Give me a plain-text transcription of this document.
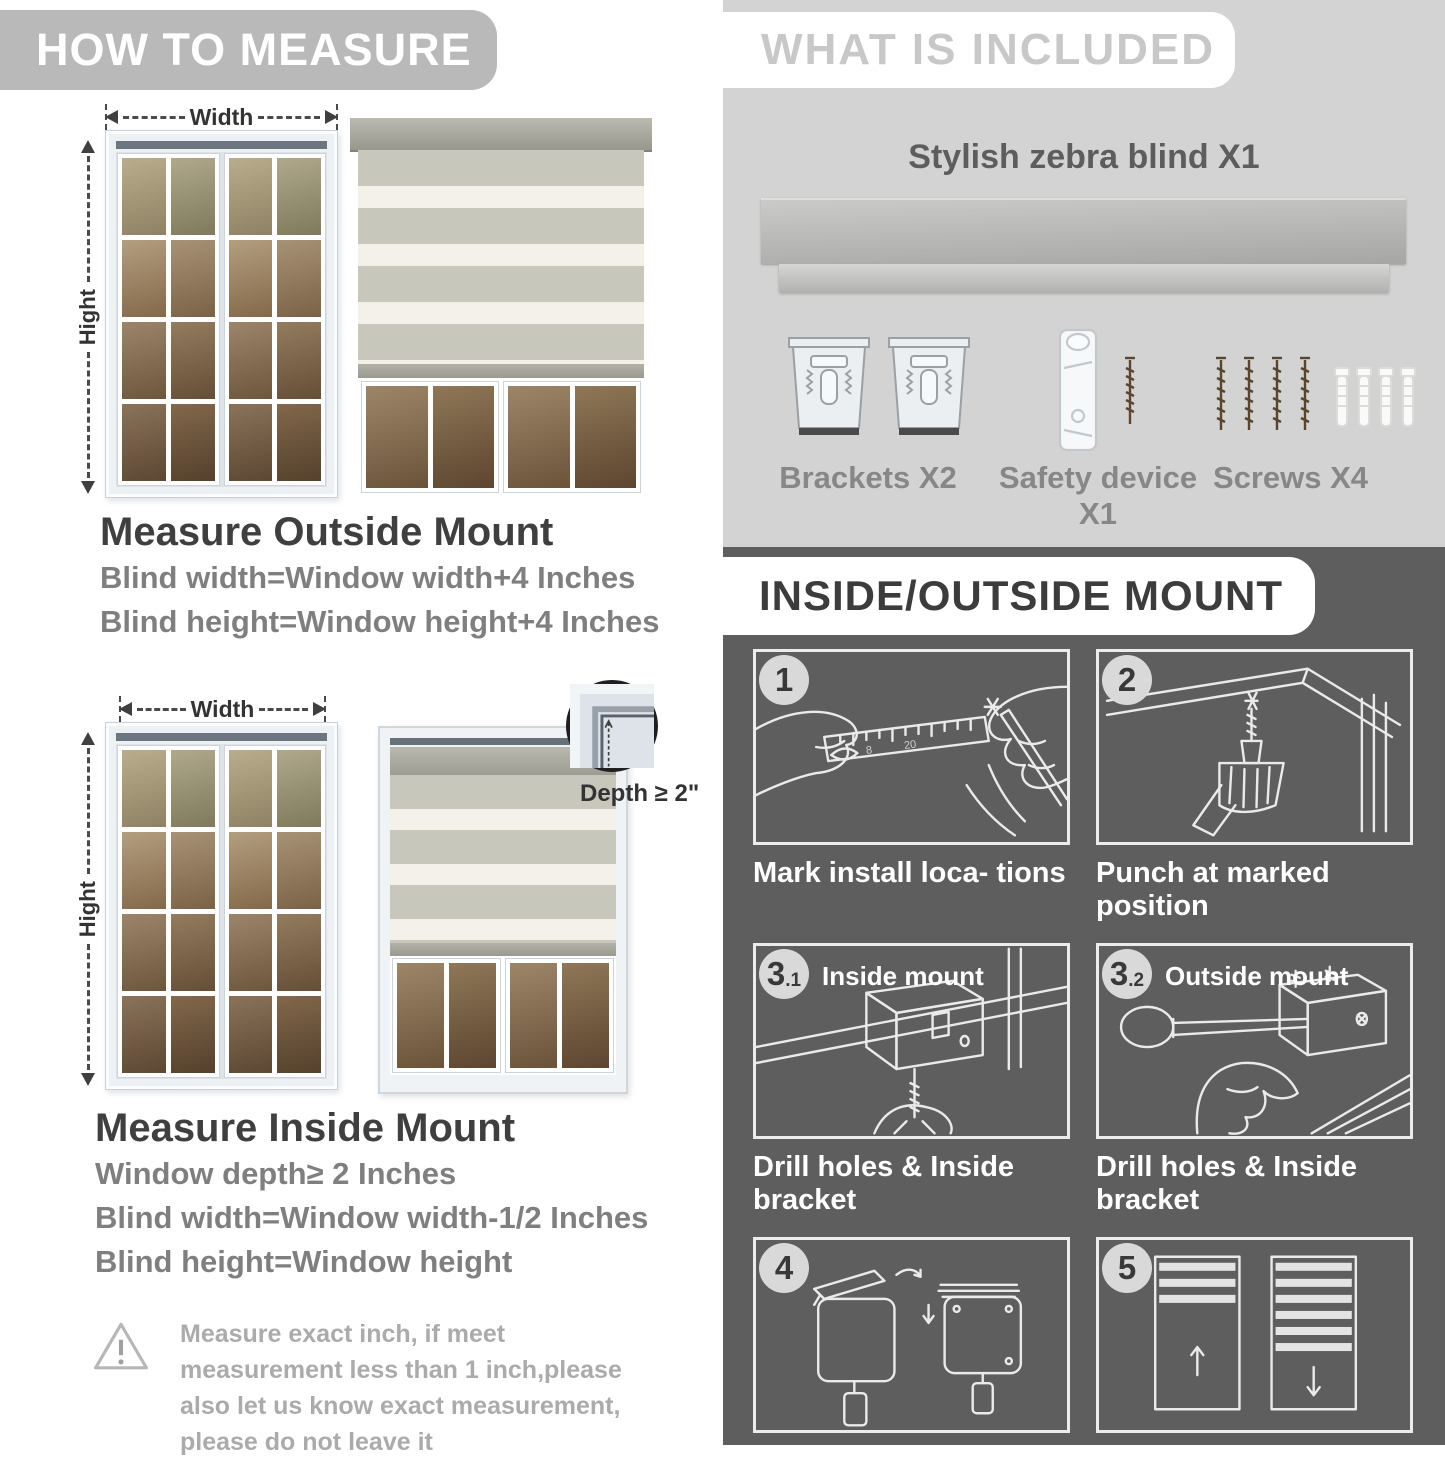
HOW TO MEASURE
Width
Hight
Measure Outside Mount
Blind width=Window width+4 Inches
Blind height=Window height+4 Inches
Width
Hight
Depth ≥ 2"
Measure Inside Mount
Window depth≥ 2 Inches
Blind width=Window width-1/2 Inches
Blind height=Window height

Measure exact inch, if meet measurement less than 1 inch,please also let us know exact measurement, please do not leave it

WHAT IS INCLUDED
Stylish zebra blind X1
Brackets X2	Safety device X1
Screws X4
INSIDE/OUTSIDE MOUNT
1
8	20
Mark install loca- tions
2
Punch at marked position
3 .1 Inside mount
Drill holes & Inside bracket
3 .2 Outside mount
Drill holes & Inside bracket
4
Install the blind
5
Finish
